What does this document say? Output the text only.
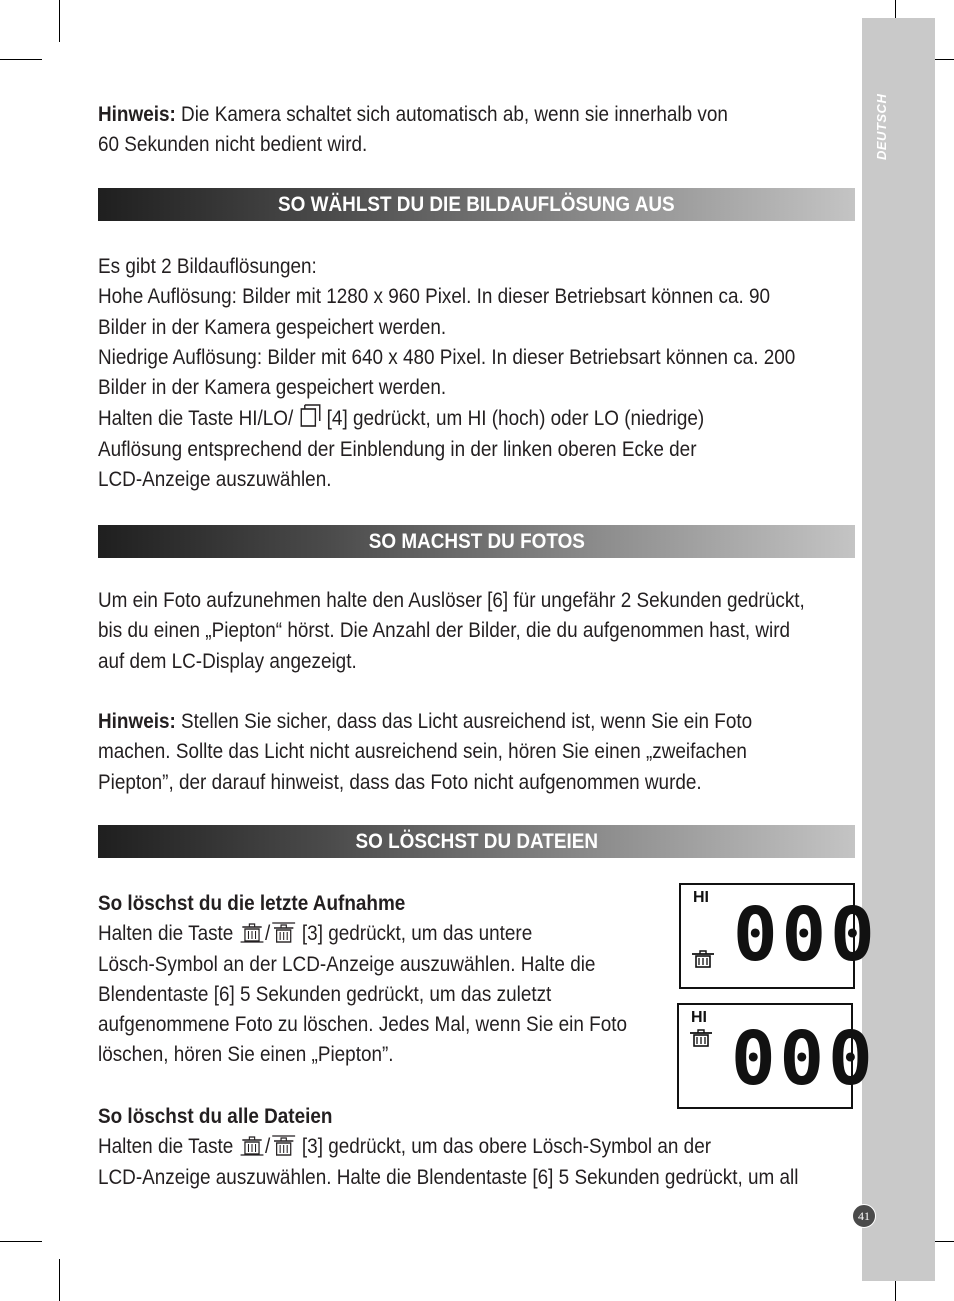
DEUTSCH

Hinweis: Die Kamera schaltet sich automatisch ab, wenn sie innerhalb von

60 Sekunden nicht bedient wird.

SO WÄHLST DU DIE BILDAUFLÖSUNG AUS

Es gibt 2 Bildauflösungen:

Hohe Auflösung: Bilder mit 1280 x 960 Pixel. In dieser Betriebsart können ca. 90

Bilder in der Kamera gespeichert werden.

Niedrige Auflösung: Bilder mit 640 x 480 Pixel. In dieser Betriebsart können ca. 200

Bilder in der Kamera gespeichert werden.

Halten die Taste HI/LO/  [4] gedrückt, um HI (hoch) oder LO (niedrige)

Auflösung entsprechend der Einblendung in der linken oberen Ecke der

LCD-Anzeige auszuwählen.

SO MACHST DU FOTOS

Um ein Foto aufzunehmen halte den Auslöser [6] für ungefähr 2 Sekunden gedrückt,

bis du einen „Piepton“ hörst. Die Anzahl der Bilder, die du aufgenommen hast, wird

auf dem LC-Display angezeigt.

Hinweis: Stellen Sie sicher, dass das Licht ausreichend ist, wenn Sie ein Foto

machen. Sollte das Licht nicht ausreichend sein, hören Sie einen „zweifachen

Piepton”, der darauf hinweist, dass das Foto nicht aufgenommen wurde.

SO LÖSCHST DU DATEIEN

So löschst du die letzte Aufnahme

Halten die Taste / [3] gedrückt, um das untere

Lösch-Symbol an der LCD-Anzeige auszuwählen. Halte die

Blendentaste [6] 5 Sekunden gedrückt, um das zuletzt

aufgenommene Foto zu löschen. Jedes Mal, wenn Sie ein Foto

löschen, hören Sie einen „Piepton”.

So löschst du alle Dateien

Halten die Taste / [3] gedrückt, um das obere Lösch-Symbol an der

LCD-Anzeige auszuwählen. Halte die Blendentaste [6] 5 Sekunden gedrückt, um all

HI 000
HI 000
41
